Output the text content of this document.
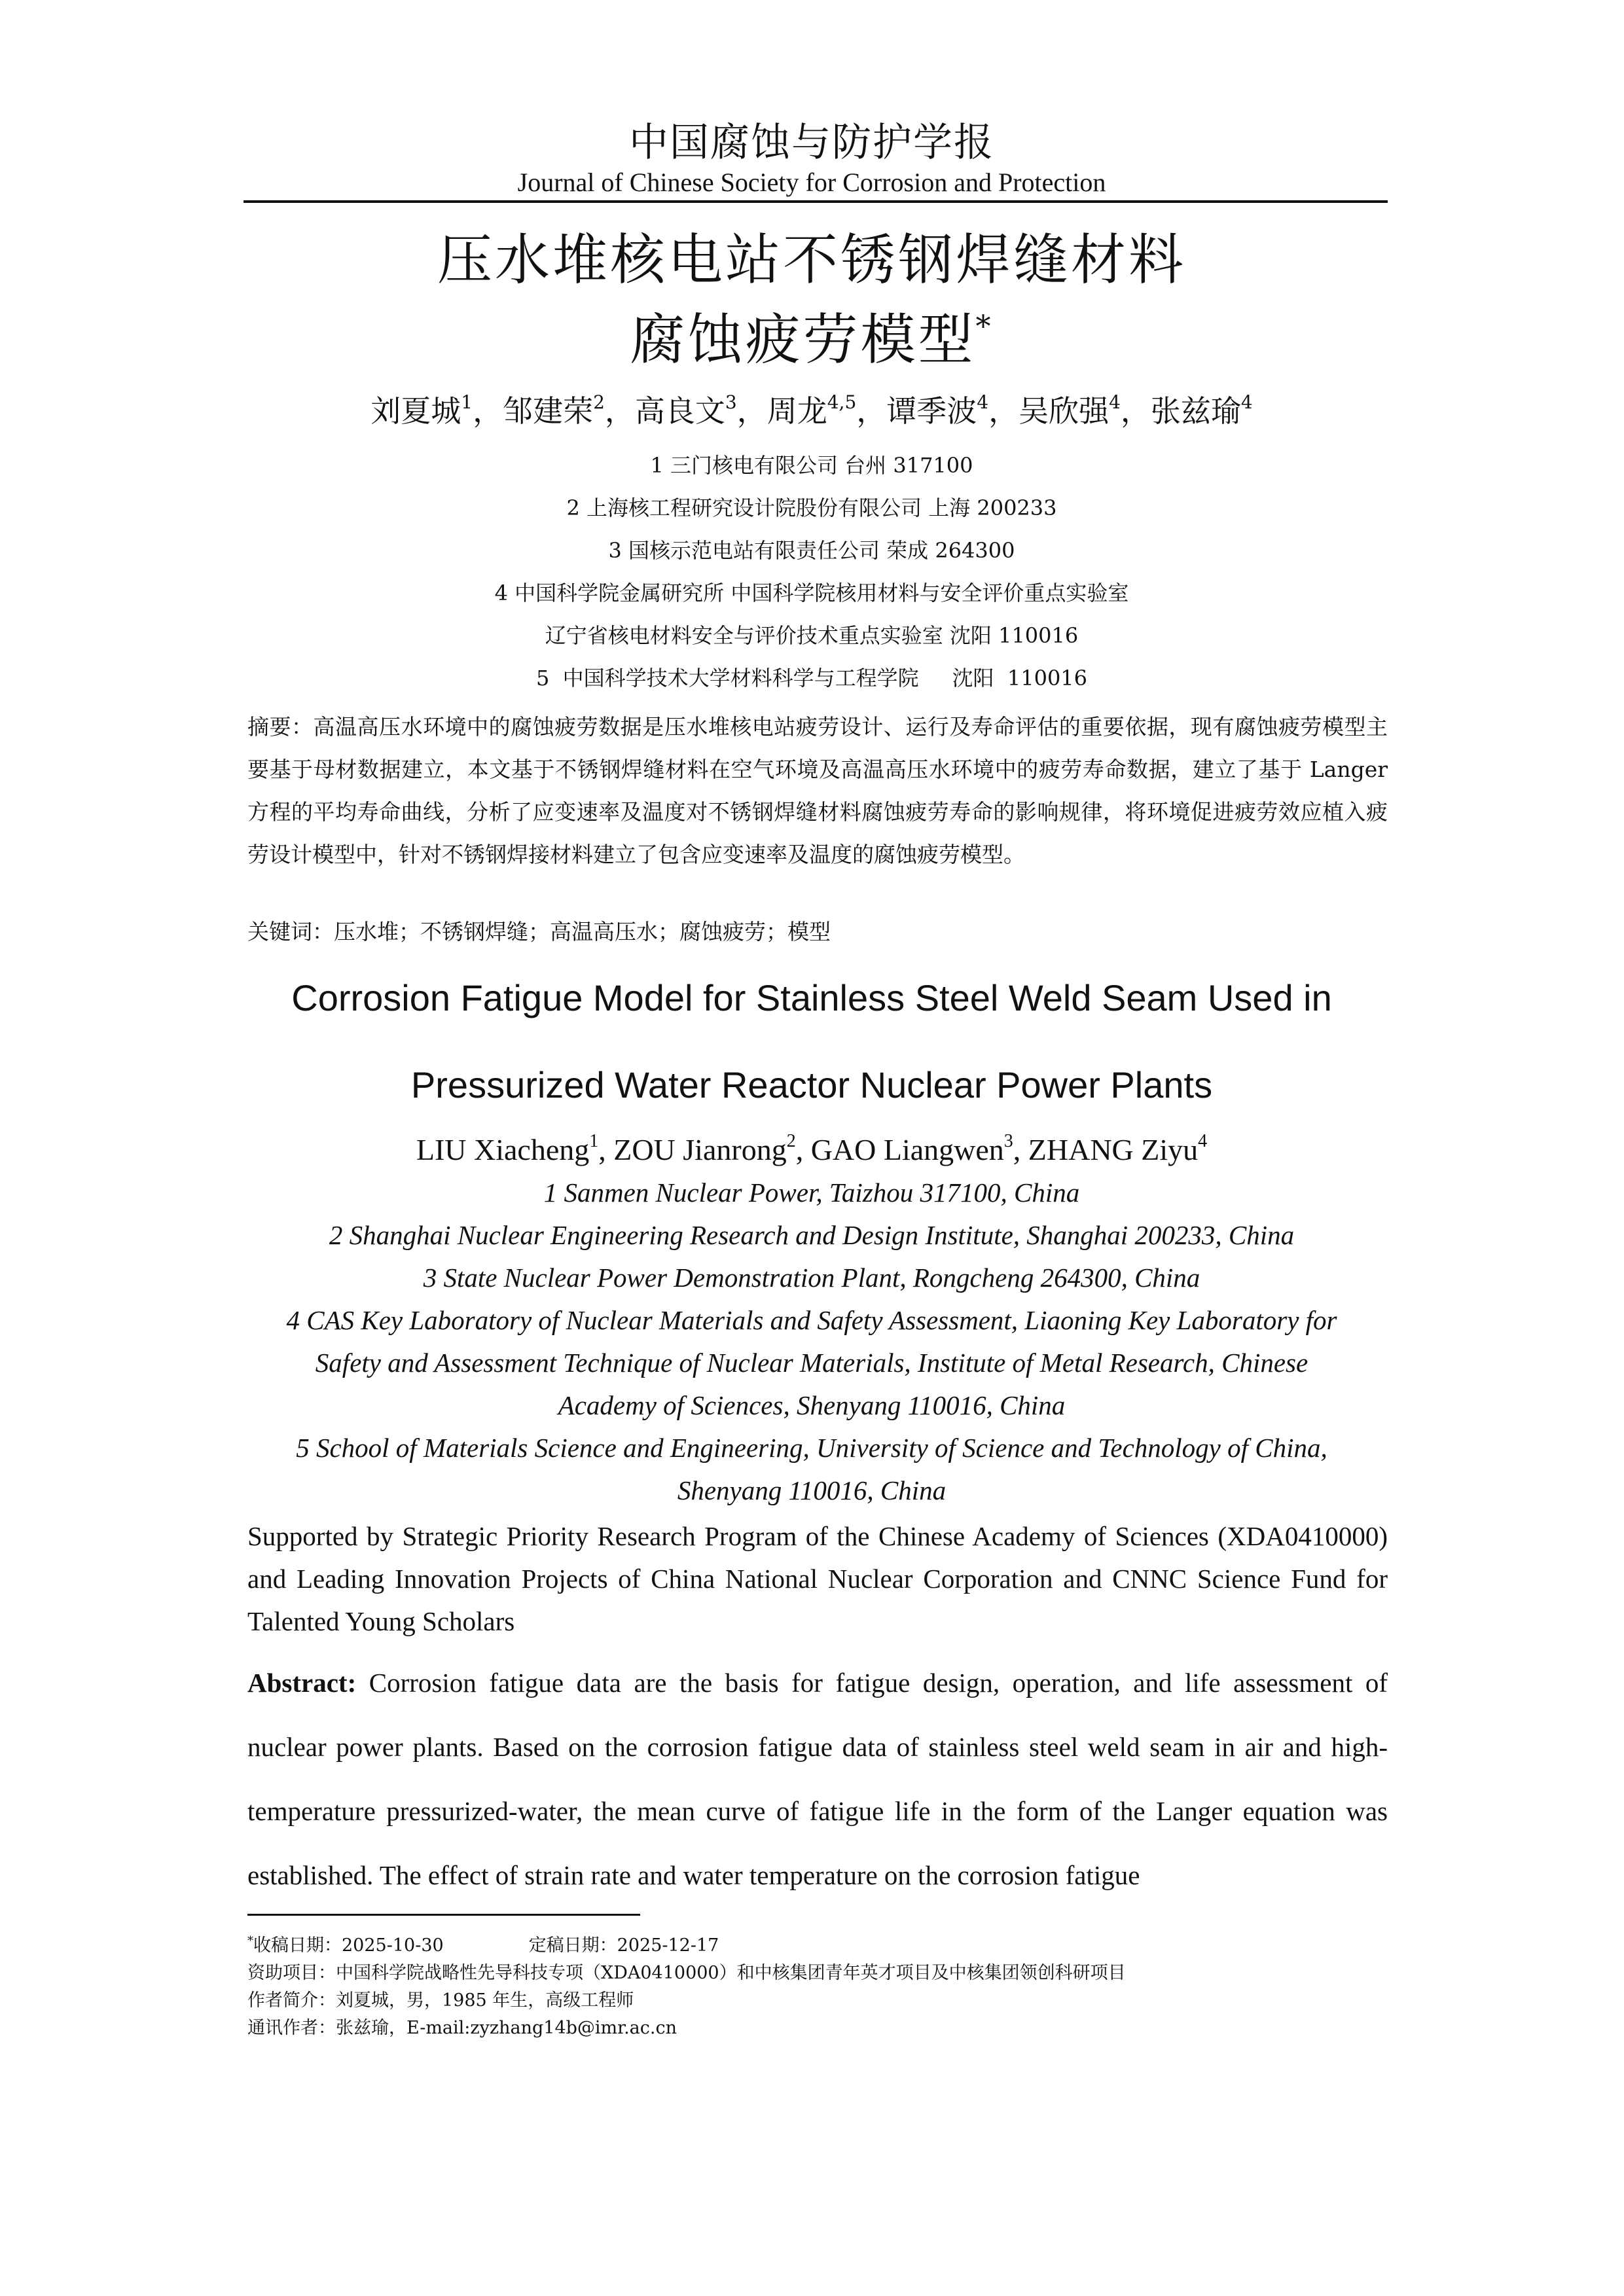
中国腐蚀与防护学报
Journal of Chinese Society for Corrosion and Protection
压水堆核电站不锈钢焊缝材料
腐蚀疲劳模型*
刘夏城$^1$，邹建荣$^2$，高良文$^3$，周龙$^{4,5}$，谭季波$^4$，吴欣强$^4$，张兹瑜$^4$
1 三门核电有限公司 台州 317100
2 上海核工程研究设计院股份有限公司 上海 200233
3 国核示范电站有限责任公司 荣成 264300
4 中国科学院金属研究所 中国科学院核用材料与安全评价重点实验室
辽宁省核电材料安全与评价技术重点实验室 沈阳 110016
5  中国科学技术大学材料科学与工程学院     沈阳  110016

摘要：高温高压水环境中的腐蚀疲劳数据是压水堆核电站疲劳设计、运行及寿命评估的重要依据，现有腐蚀疲劳模型主要基于母材数据建立，本文基于不锈钢焊缝材料在空气环境及高温高压水环境中的疲劳寿命数据，建立了基于 Langer 方程的平均寿命曲线，分析了应变速率及温度对不锈钢焊缝材料腐蚀疲劳寿命的影响规律，将环境促进疲劳效应植入疲劳设计模型中，针对不锈钢焊接材料建立了包含应变速率及温度的腐蚀疲劳模型。

关键词：压水堆；不锈钢焊缝；高温高压水；腐蚀疲劳；模型
Corrosion Fatigue Model for Stainless Steel Weld Seam Used in
Pressurized Water Reactor Nuclear Power Plants
LIU Xiacheng$^1$, ZOU Jianrong$^2$, GAO Liangwen$^3$, ZHANG Ziyu$^4$
1 Sanmen Nuclear Power, Taizhou 317100, China
2 Shanghai Nuclear Engineering Research and Design Institute, Shanghai 200233, China
3 State Nuclear Power Demonstration Plant, Rongcheng 264300, China
4 CAS Key Laboratory of Nuclear Materials and Safety Assessment, Liaoning Key Laboratory for
Safety and Assessment Technique of Nuclear Materials, Institute of Metal Research, Chinese
Academy of Sciences, Shenyang 110016, China
5 School of Materials Science and Engineering, University of Science and Technology of China,
Shenyang 110016, China

Supported by Strategic Priority Research Program of the Chinese Academy of Sciences (XDA0410000) and Leading Innovation Projects of China National Nuclear Corporation and CNNC Science Fund for Talented Young Scholars

Abstract: Corrosion fatigue data are the basis for fatigue design, operation, and life assessment of nuclear power plants. Based on the corrosion fatigue data of stainless steel weld seam in air and high-temperature pressurized-water, the mean curve of fatigue life in the form of the Langer equation was established. The effect of strain rate and water temperature on the corrosion fatigue

*收稿日期：2025-10-30	定稿日期：2025-12-17
资助项目：中国科学院战略性先导科技专项（XDA0410000）和中核集团青年英才项目及中核集团领创科研项目
作者简介：刘夏城，男，1985 年生，高级工程师
通讯作者：张兹瑜，E-mail:zyzhang14b@imr.ac.cn
